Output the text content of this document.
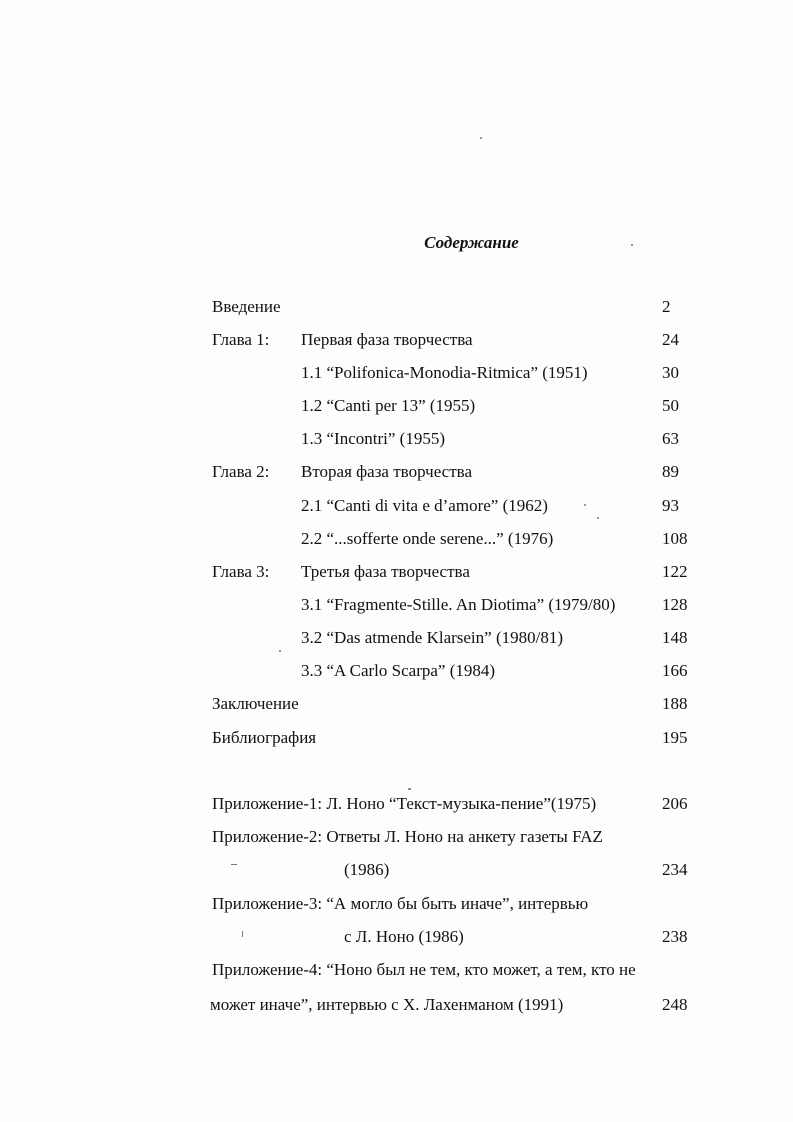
Содержание
Введение	2
Глава 1: Первая фаза творчества	24
1.1 “Polifonica-Monodia-Ritmica” (1951)	30
1.2 “Canti per 13” (1955)	50
1.3 “Incontri” (1955)	63
Глава 2: Вторая фаза творчества	89
2.1 “Canti di vita e d’amore” (1962)	93
2.2 “...sofferte onde serene...” (1976)	108
Глава 3: Третья фаза творчества	122
3.1 “Fragmente-Stille. An Diotima” (1979/80)	128
3.2 “Das atmende Klarsein” (1980/81)	148
3.3 “A Carlo Scarpa” (1984)	166
Заключение	188
Библиография	195
Приложение-1: Л. Ноно “Текст-музыка-пение”(1975)	206
Приложение-2: Ответы Л. Ноно на анкету газеты FAZ
(1986)	234
Приложение-3: “А могло бы быть иначе”, интервью
с Л. Ноно (1986)	238
Приложение-4: “Ноно был не тем, кто может, а тем, кто не
может иначе”, интервью с X. Лахенманом (1991)	248
